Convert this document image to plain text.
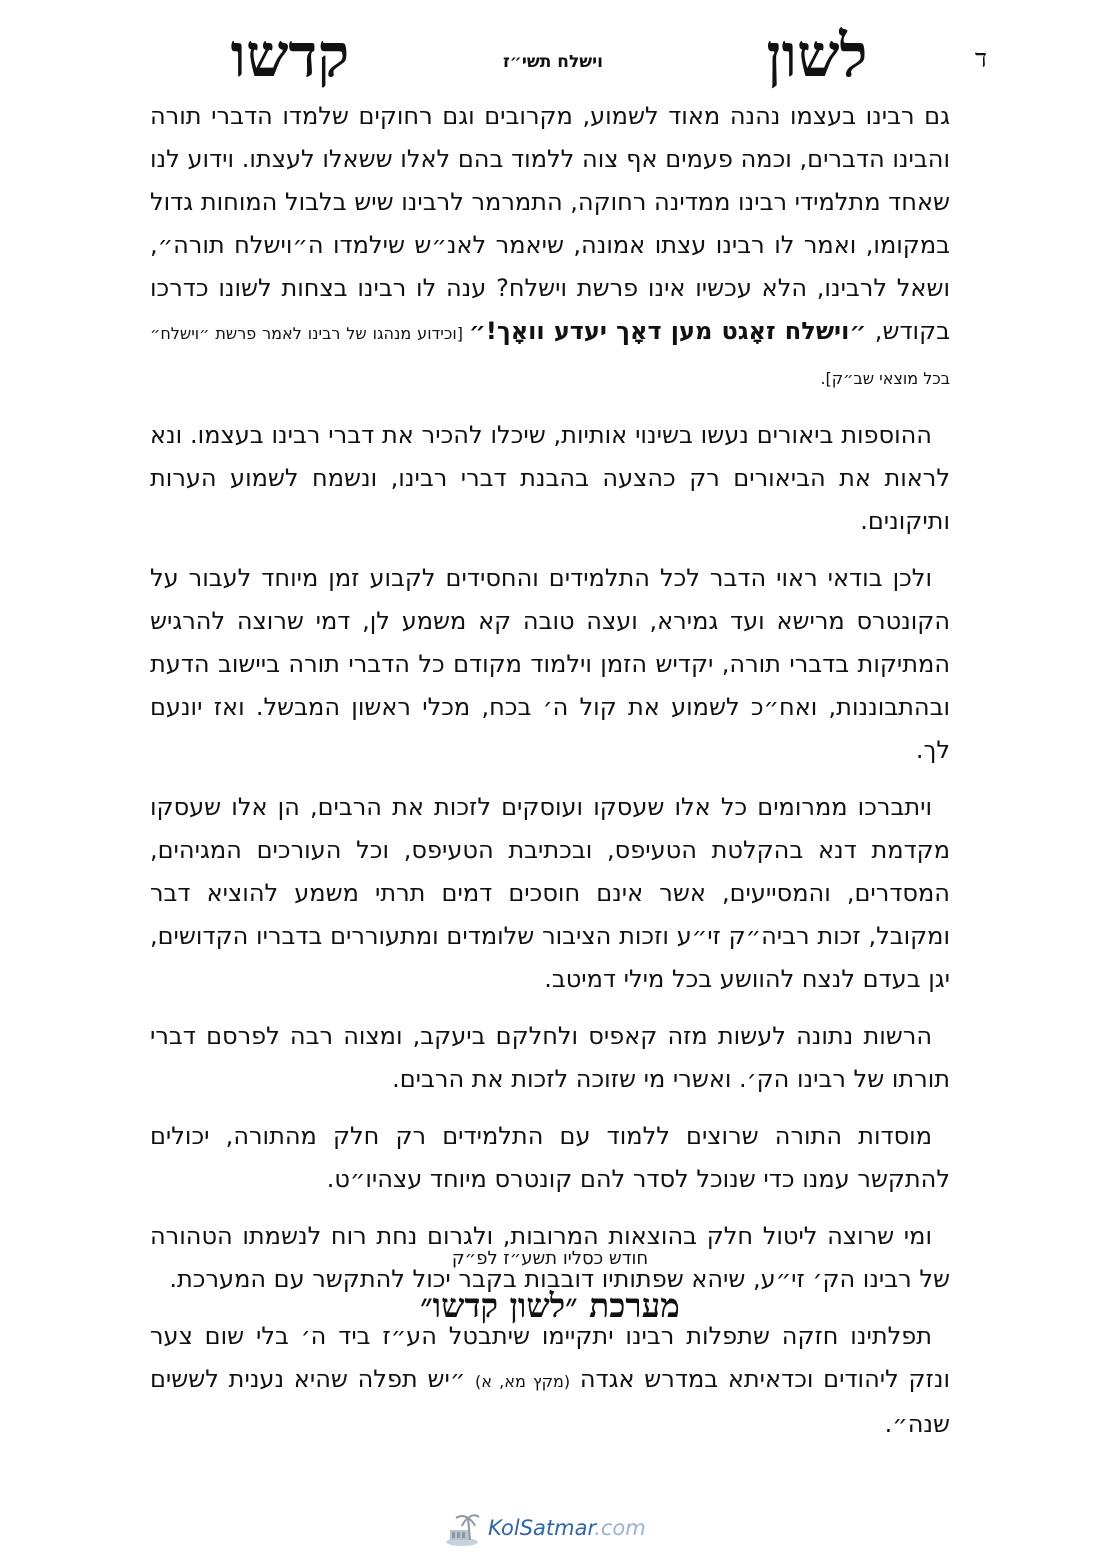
ד
לשון
וישלח תשי״ז
קדשו

גם רבינו בעצמו נהנה מאוד לשמוע, מקרובים וגם רחוקים שלמדו הדברי תורה והבינו הדברים, וכמה פעמים אף צוה ללמוד בהם לאלו ששאלו לעצתו. וידוע לנו שאחד מתלמידי רבינו ממדינה רחוקה, התמרמר לרבינו שיש בלבול המוחות גדול במקומו, ואמר לו רבינו עצתו אמונה, שיאמר לאנ״ש שילמדו ה״וישלח תורה״, ושאל לרבינו, הלא עכשיו אינו פרשת וישלח? ענה לו רבינו בצחות לשונו כדרכו בקודש, ״וישלח זאָגט מען דאָך יעדע וואָך!״ [וכידוע מנהגו של רבינו לאמר פרשת ״וישלח״ בכל מוצאי שב״ק].

ההוספות ביאורים נעשו בשינוי אותיות, שיכלו להכיר את דברי רבינו בעצמו. ונא לראות את הביאורים רק כהצעה בהבנת דברי רבינו, ונשמח לשמוע הערות ותיקונים.

ולכן בודאי ראוי הדבר לכל התלמידים והחסידים לקבוע זמן מיוחד לעבור על הקונטרס מרישא ועד גמירא, ועצה טובה קא משמע לן, דמי שרוצה להרגיש המתיקות בדברי תורה, יקדיש הזמן וילמוד מקודם כל הדברי תורה ביישוב הדעת ובהתבוננות, ואח״כ לשמוע את קול ה׳ בכח, מכלי ראשון המבשל. ואז יונעם לך.

ויתברכו ממרומים כל אלו שעסקו ועוסקים לזכות את הרבים, הן אלו שעסקו מקדמת דנא בהקלטת הטעיפס, ובכתיבת הטעיפס, וכל העורכים המגיהים, המסדרים, והמסייעים, אשר אינם חוסכים דמים תרתי משמע להוציא דבר ומקובל, זכות רביה״ק זי״ע וזכות הציבור שלומדים ומתעוררים בדבריו הקדושים, יגן בעדם לנצח להוושע בכל מילי דמיטב.

הרשות נתונה לעשות מזה קאפיס ולחלקם ביעקב, ומצוה רבה לפרסם דברי תורתו של רבינו הק׳. ואשרי מי שזוכה לזכות את הרבים.

מוסדות התורה שרוצים ללמוד עם התלמידים רק חלק מהתורה, יכולים להתקשר עמנו כדי שנוכל לסדר להם קונטרס מיוחד עצהיו״ט.

ומי שרוצה ליטול חלק בהוצאות המרובות, ולגרום נחת רוח לנשמתו הטהורה של רבינו הק׳ זי״ע, שיהא שפתותיו דובבות בקבר יכול להתקשר עם המערכת.

תפלתינו חזקה שתפלות רבינו יתקיימו שיתבטל הע״ז ביד ה׳ בלי שום צער ונזק ליהודים וכדאיתא במדרש אגדה (מקץ מא, א) ״יש תפלה שהיא נענית לששים שנה״.

חודש כסליו תשע״ז לפ״ק
מערכת ״לשון קדשו״
KolSatmar.com
